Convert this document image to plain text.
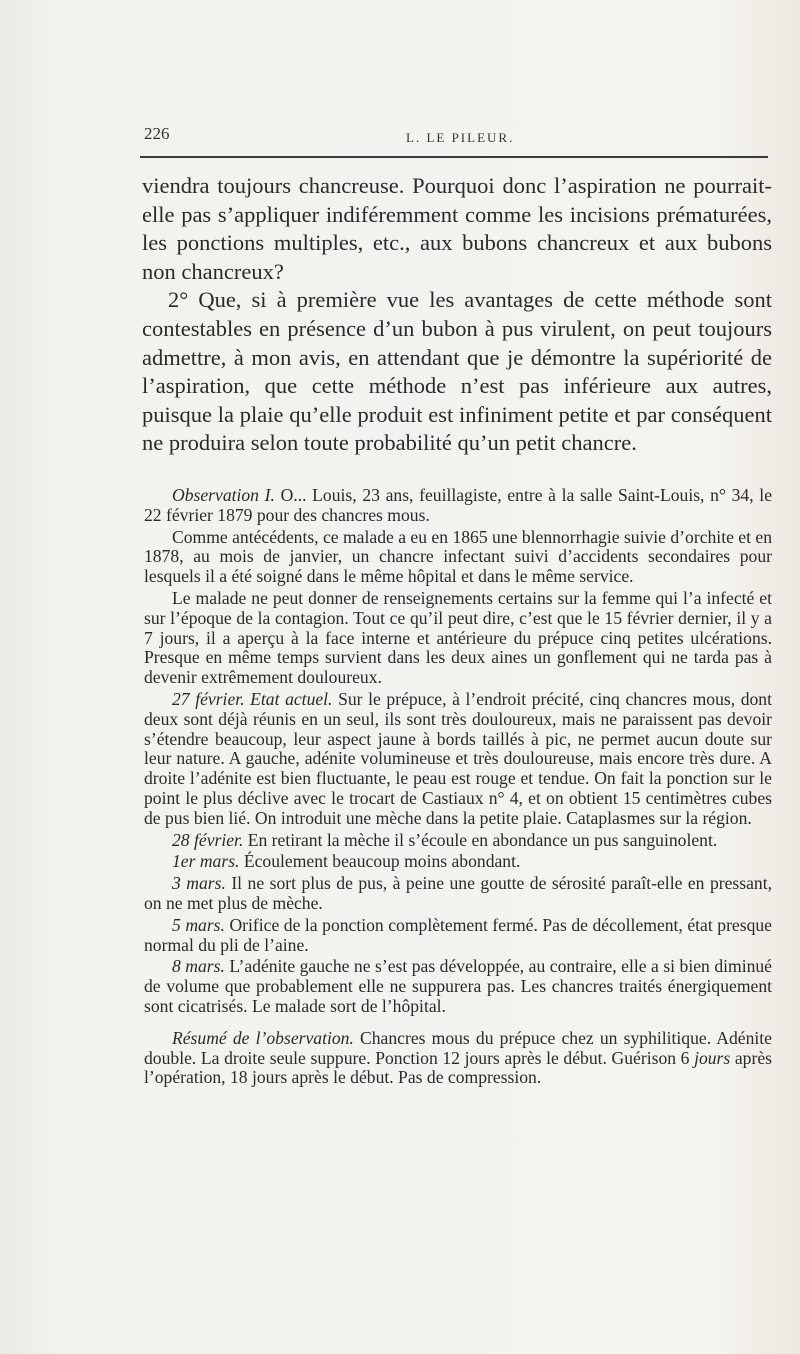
226	L. LE PILEUR.

viendra toujours chancreuse. Pourquoi donc l’aspiration ne pourrait-elle pas s’appliquer indiféremment comme les incisions prématurées, les ponctions multiples, etc., aux bubons chancreux et aux bubons non chancreux?

2° Que, si à première vue les avantages de cette méthode sont contestables en présence d’un bubon à pus virulent, on peut toujours admettre, à mon avis, en attendant que je démontre la supériorité de l’aspiration, que cette méthode n’est pas inférieure aux autres, puisque la plaie qu’elle produit est infiniment petite et par conséquent ne produira selon toute probabilité qu’un petit chancre.

Observation I. O... Louis, 23 ans, feuillagiste, entre à la salle Saint-Louis, n° 34, le 22 février 1879 pour des chancres mous.

Comme antécédents, ce malade a eu en 1865 une blennorrhagie suivie d’orchite et en 1878, au mois de janvier, un chancre infectant suivi d’accidents secondaires pour lesquels il a été soigné dans le même hôpital et dans le même service.

Le malade ne peut donner de renseignements certains sur la femme qui l’a infecté et sur l’époque de la contagion. Tout ce qu’il peut dire, c’est que le 15 février dernier, il y a 7 jours, il a aperçu à la face interne et antérieure du prépuce cinq petites ulcérations. Presque en même temps survient dans les deux aines un gonflement qui ne tarda pas à devenir extrêmement douloureux.

27 février. Etat actuel. Sur le prépuce, à l’endroit précité, cinq chancres mous, dont deux sont déjà réunis en un seul, ils sont très douloureux, mais ne paraissent pas devoir s’étendre beaucoup, leur aspect jaune à bords taillés à pic, ne permet aucun doute sur leur nature. A gauche, adénite volumineuse et très douloureuse, mais encore très dure. A droite l’adénite est bien fluctuante, le peau est rouge et tendue. On fait la ponction sur le point le plus déclive avec le trocart de Castiaux n° 4, et on obtient 15 centimètres cubes de pus bien lié. On introduit une mèche dans la petite plaie. Cataplasmes sur la région.

28 février. En retirant la mèche il s’écoule en abondance un pus sanguinolent.

1er mars. Écoulement beaucoup moins abondant.

3 mars. Il ne sort plus de pus, à peine une goutte de sérosité paraît-elle en pressant, on ne met plus de mèche.

5 mars. Orifice de la ponction complètement fermé. Pas de décollement, état presque normal du pli de l’aine.

8 mars. L’adénite gauche ne s’est pas développée, au contraire, elle a si bien diminué de volume que probablement elle ne suppurera pas. Les chancres traités énergiquement sont cicatrisés. Le malade sort de l’hôpital.

Résumé de l’observation. Chancres mous du prépuce chez un syphilitique. Adénite double. La droite seule suppure. Ponction 12 jours après le début. Guérison 6 jours après l’opération, 18 jours après le début. Pas de compression.
